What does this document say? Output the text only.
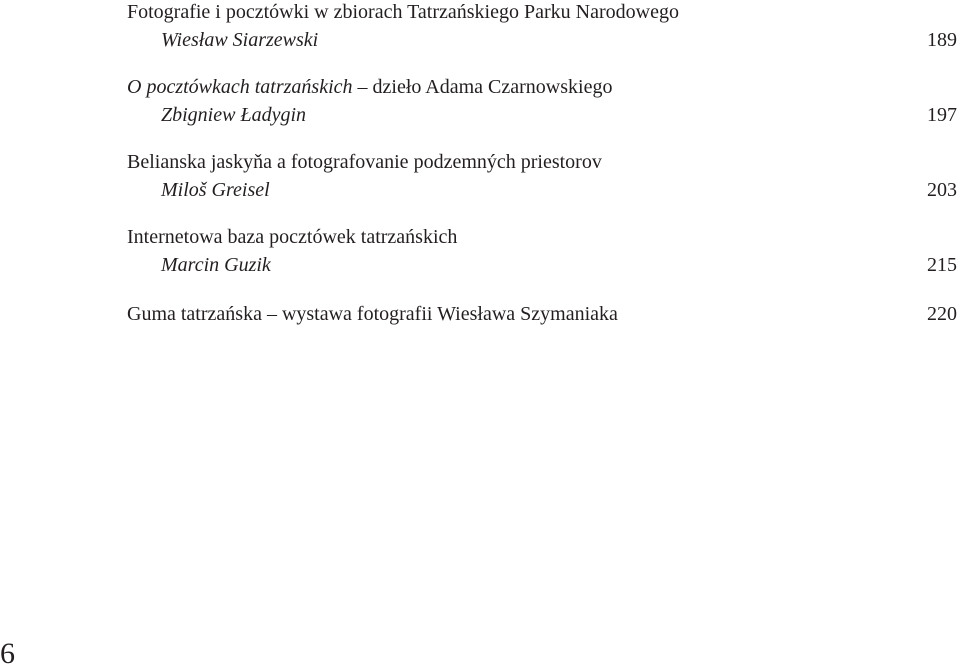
Fotografie i pocztówki w zbiorach Tatrzańskiego Parku Narodowego
Wiesław Siarzewski	189
O pocztówkach tatrzańskich – dzieło Adama Czarnowskiego
Zbigniew Ładygin	197
Belianska jaskyňa a fotografovanie podzemných priestorov
Miloš Greisel	203
Internetowa baza pocztówek tatrzańskich
Marcin Guzik	215
Guma tatrzańska – wystawa fotografii Wiesława Szymaniaka	220
6
